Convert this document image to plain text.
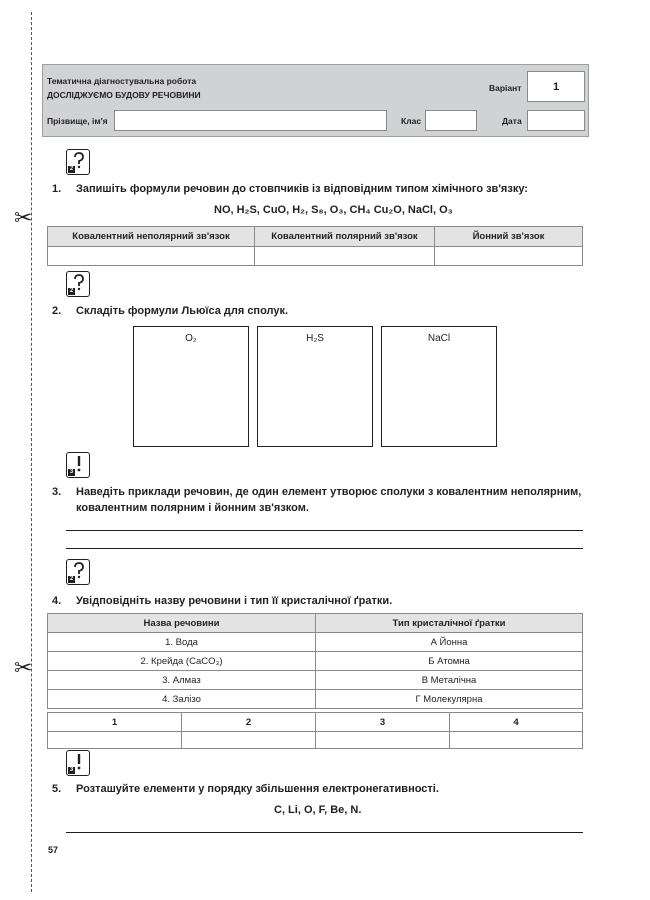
✂
✂
Тематична діагностувальна робота
ДОСЛІДЖУЄМО БУДОВУ РЕЧОВИНИ
Варіант	1
Прізвище, ім'я	Клас	Дата
2
1. Запишіть формули речовин до стовпчиків із відповідним типом хімічного зв'язку:
NO, H₂S, CuO, H₂, S₈, O₃, CH₄ Cu₂O, NaCl, O₃
Ковалентний неполярний зв'язок	Ковалентний полярний зв'язок	Йонний зв'язок

2
2. Складіть формули Льюїса для сполук.
O₂	H₂S	NaCl
3
3. Наведіть приклади речовин, де один елемент утворює сполуки з ковалентним неполярним,
ковалентним полярним і йонним зв'язком.
2
4. Увідповідніть назву речовини і тип її кристалічної ґратки.
Назва речовини	Тип кристалічної ґратки
1. Вода	А Йонна
2. Крейда (CaCO₃)	Б Атомна
3. Алмаз	В Металічна
4. Залізо	Г Молекулярна
1	2	3	4

3
5. Розташуйте елементи у порядку збільшення електронегативності.
C, Li, O, F, Be, N.
57
